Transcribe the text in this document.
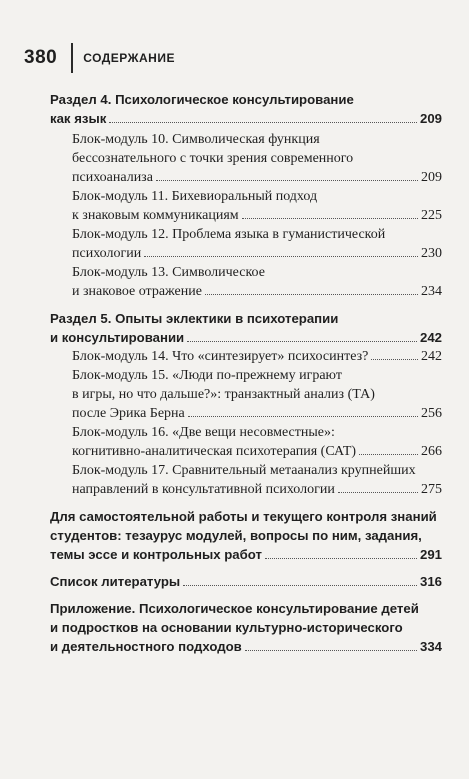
380 СОДЕРЖАНИЕ
Раздел 4. Психологическое консультирование
как язык	209
Блок-модуль 10. Символическая функция
бессознательного с точки зрения современного
психоанализа	209
Блок-модуль 11. Бихевиоральный подход
к знаковым коммуникациям	225
Блок-модуль 12. Проблема языка в гуманистической
психологии	230
Блок-модуль 13. Символическое
и знаковое отражение	234
Раздел 5. Опыты эклектики в психотерапии
и консультировании	242
Блок-модуль 14. Что «синтезирует» психосинтез?	242
Блок-модуль 15. «Люди по-прежнему играют
в игры, но что дальше?»: транзактный анализ (ТА)
после Эрика Берна	256
Блок-модуль 16. «Две вещи несовместные»:
когнитивно-аналитическая психотерапия (САТ)	266
Блок-модуль 17. Сравнительный метаанализ крупнейших
направлений в консультативной психологии	275
Для самостоятельной работы и текущего контроля знаний
студентов: тезаурус модулей, вопросы по ним, задания,
темы эссе и контрольных работ	291
Список литературы	316
Приложение. Психологическое консультирование детей
и подростков на основании культурно-исторического
и деятельностного подходов	334
